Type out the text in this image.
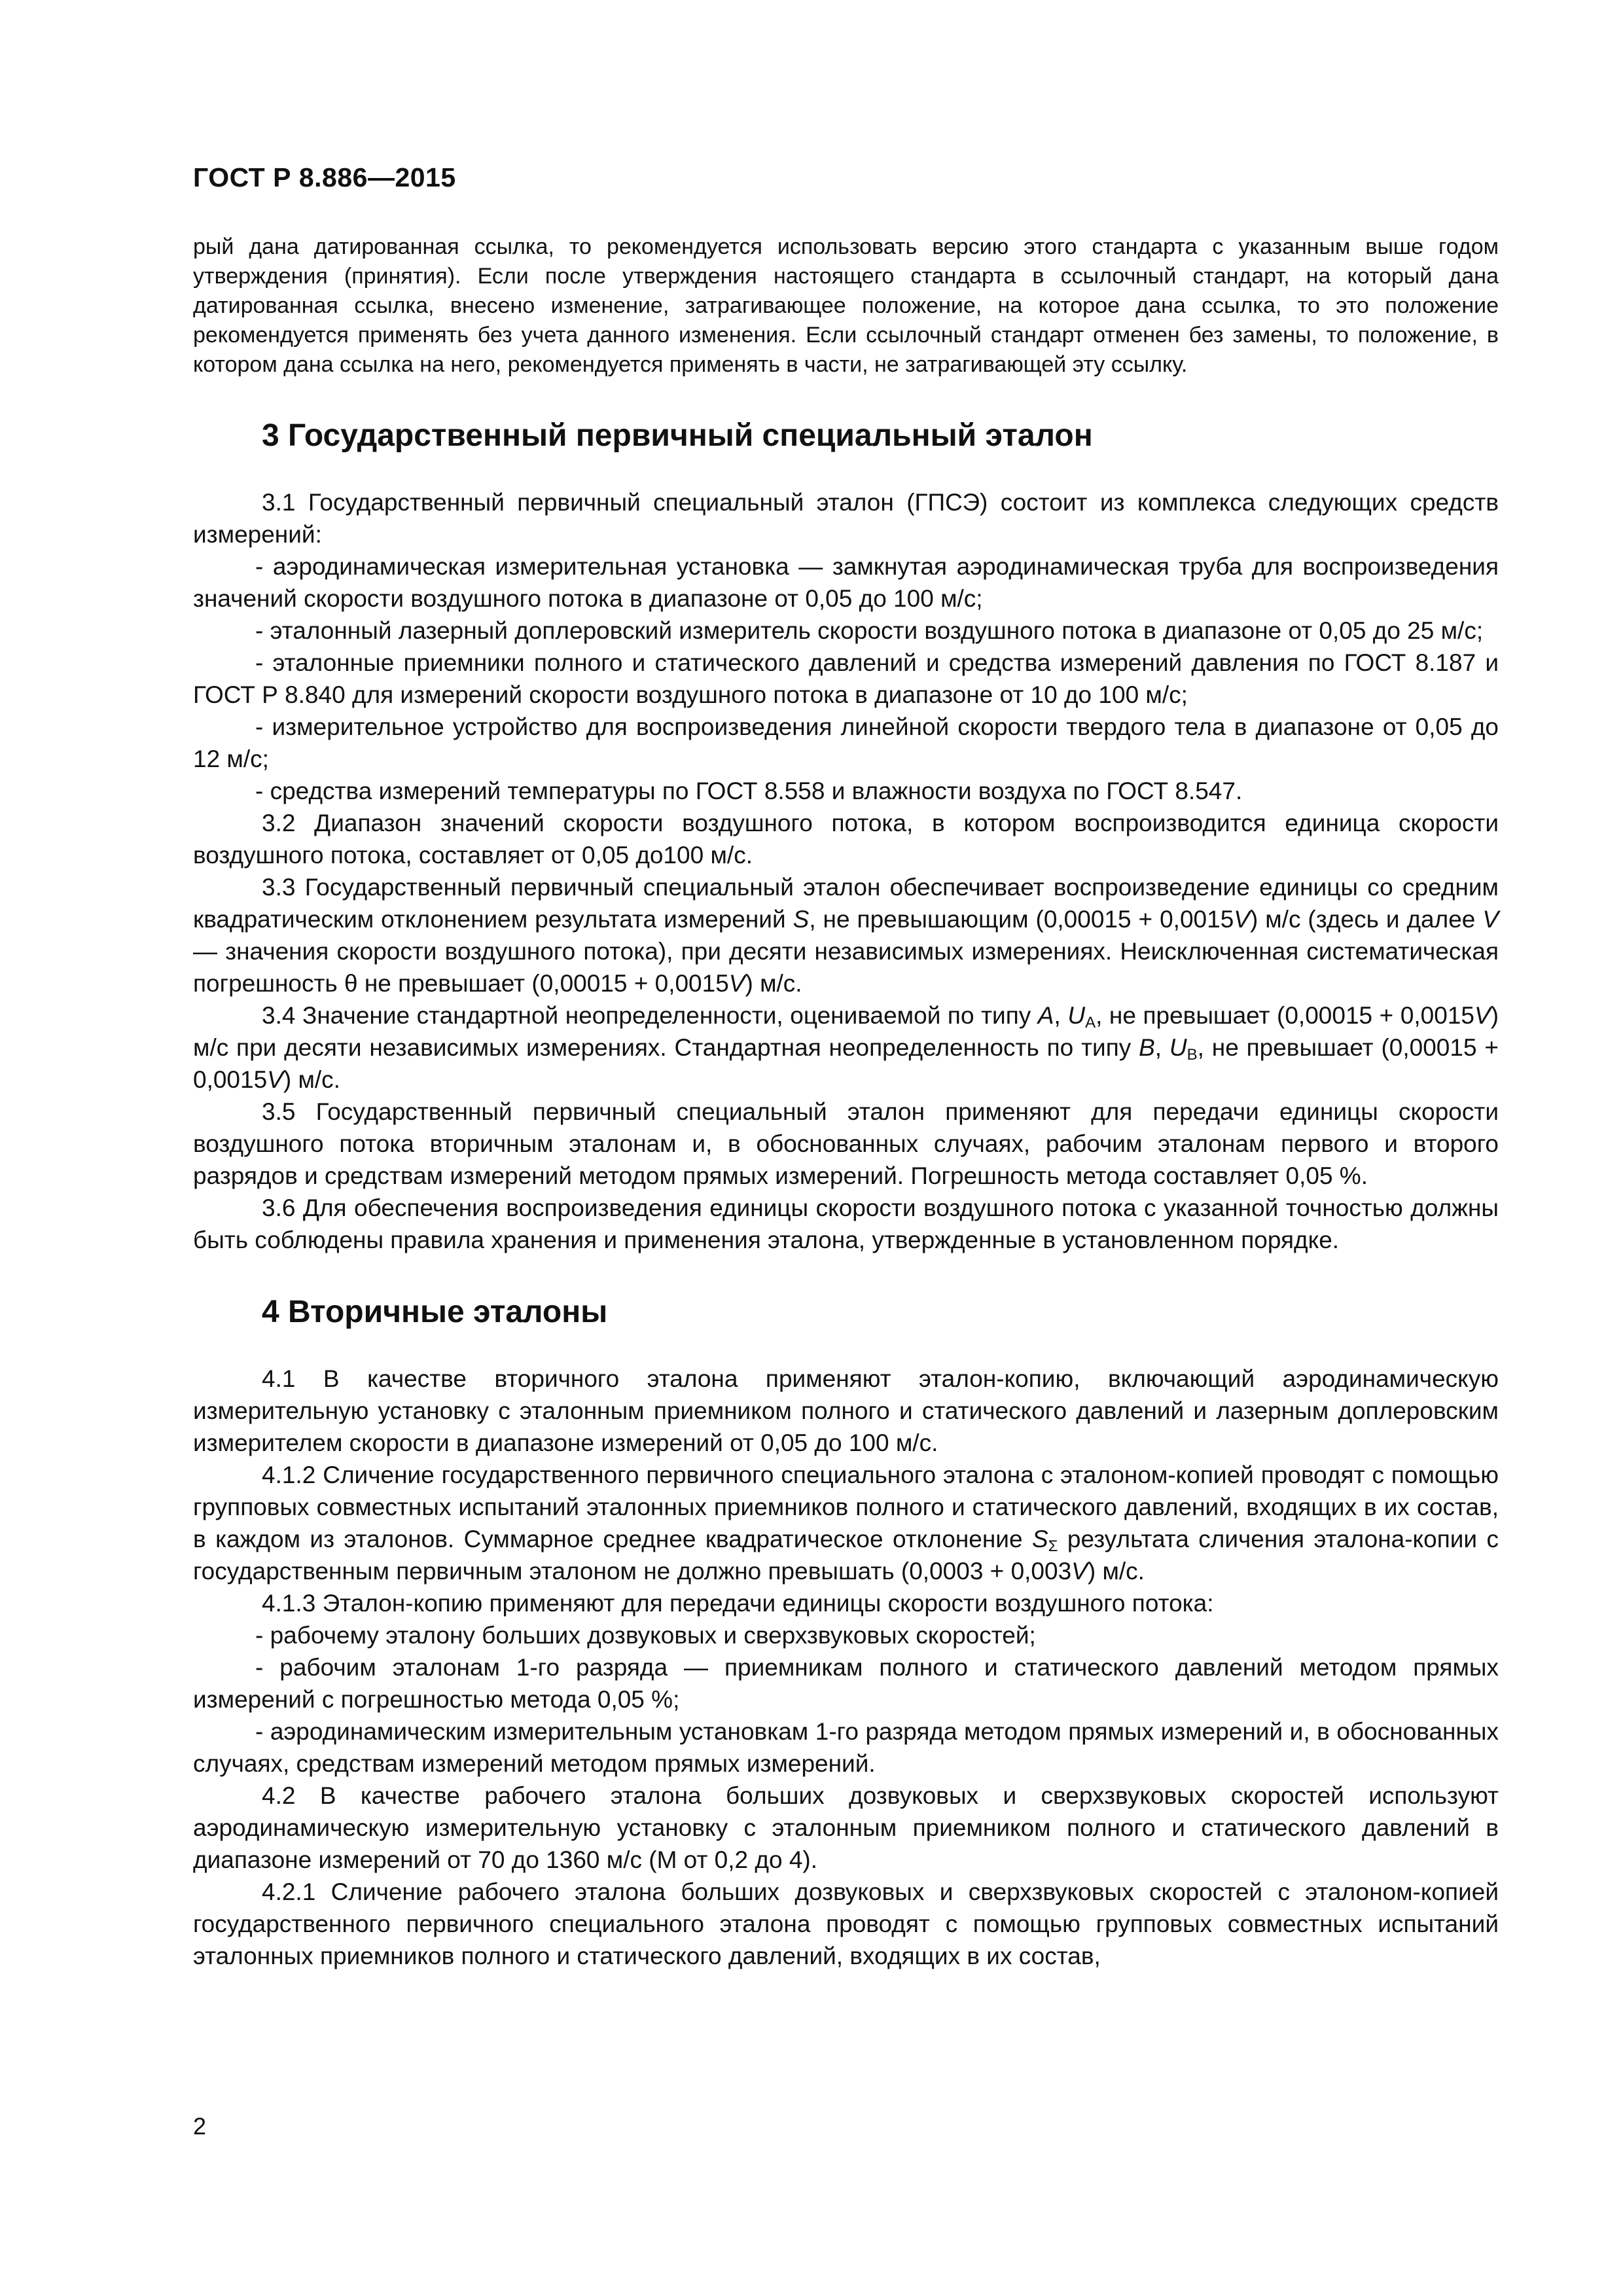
ГОСТ Р 8.886—2015

рый дана датированная ссылка, то рекомендуется использовать версию этого стандарта с указанным выше годом утверждения (принятия). Если после утверждения настоящего стандарта в ссылочный стандарт, на который дана датированная ссылка, внесено изменение, затрагивающее положение, на которое дана ссылка, то это положение рекомендуется применять без учета данного изменения. Если ссылочный стандарт отменен без замены, то положение, в котором дана ссылка на него, рекомендуется применять в части, не затрагивающей эту ссылку.

3 Государственный первичный специальный эталон

3.1 Государственный первичный специальный эталон (ГПСЭ) состоит из комплекса следующих средств измерений:

- аэродинамическая измерительная установка — замкнутая аэродинамическая труба для воспроизведения значений скорости воздушного потока в диапазоне от 0,05 до 100 м/с;

- эталонный лазерный доплеровский измеритель скорости воздушного потока в диапазоне от 0,05 до 25 м/с;

- эталонные приемники полного и статического давлений и средства измерений давления по ГОСТ 8.187 и ГОСТ Р 8.840 для измерений скорости воздушного потока в диапазоне от 10 до 100 м/с;

- измерительное устройство для воспроизведения линейной скорости твердого тела в диапазоне от 0,05 до 12 м/с;

- средства измерений температуры по ГОСТ 8.558 и влажности воздуха по ГОСТ 8.547.

3.2 Диапазон значений скорости воздушного потока, в котором воспроизводится единица скорости воздушного потока, составляет от 0,05 до100 м/с.

3.3 Государственный первичный специальный эталон обеспечивает воспроизведение единицы со средним квадратическим отклонением результата измерений S, не превышающим (0,00015 + 0,0015V) м/с (здесь и далее V — значения скорости воздушного потока), при десяти независимых измерениях. Неисключенная систематическая погрешность θ не превышает (0,00015 + 0,0015V) м/с.

3.4 Значение стандартной неопределенности, оцениваемой по типу A, $U_A$, не превышает (0,00015 + 0,0015V) м/с при десяти независимых измерениях. Стандартная неопределенность по типу B, $U_B$, не превышает (0,00015 + 0,0015V) м/с.

3.5 Государственный первичный специальный эталон применяют для передачи единицы скорости воздушного потока вторичным эталонам и, в обоснованных случаях, рабочим эталонам первого и второго разрядов и средствам измерений методом прямых измерений. Погрешность метода составляет 0,05 %.

3.6 Для обеспечения воспроизведения единицы скорости воздушного потока с указанной точностью должны быть соблюдены правила хранения и применения эталона, утвержденные в установленном порядке.

4 Вторичные эталоны

4.1 В качестве вторичного эталона применяют эталон-копию, включающий аэродинамическую измерительную установку с эталонным приемником полного и статического давлений и лазерным доплеровским измерителем скорости в диапазоне измерений от 0,05 до 100 м/с.

4.1.2 Сличение государственного первичного специального эталона с эталоном-копией проводят с помощью групповых совместных испытаний эталонных приемников полного и статического давлений, входящих в их состав, в каждом из эталонов. Суммарное среднее квадратическое отклонение $S_\Sigma$ результата сличения эталона-копии с государственным первичным эталоном не должно превышать (0,0003 + 0,003V) м/с.

4.1.3 Эталон-копию применяют для передачи единицы скорости воздушного потока:

- рабочему эталону больших дозвуковых и сверхзвуковых скоростей;

- рабочим эталонам 1-го разряда — приемникам полного и статического давлений методом прямых измерений с погрешностью метода 0,05 %;

- аэродинамическим измерительным установкам 1-го разряда методом прямых измерений и, в обоснованных случаях, средствам измерений методом прямых измерений.

4.2 В качестве рабочего эталона больших дозвуковых и сверхзвуковых скоростей используют аэродинамическую измерительную установку с эталонным приемником полного и статического давлений в диапазоне измерений от 70 до 1360 м/с (M от 0,2 до 4).

4.2.1 Сличение рабочего эталона больших дозвуковых и сверхзвуковых скоростей с эталоном-копией государственного первичного специального эталона проводят с помощью групповых совместных испытаний эталонных приемников полного и статического давлений, входящих в их состав,

2
